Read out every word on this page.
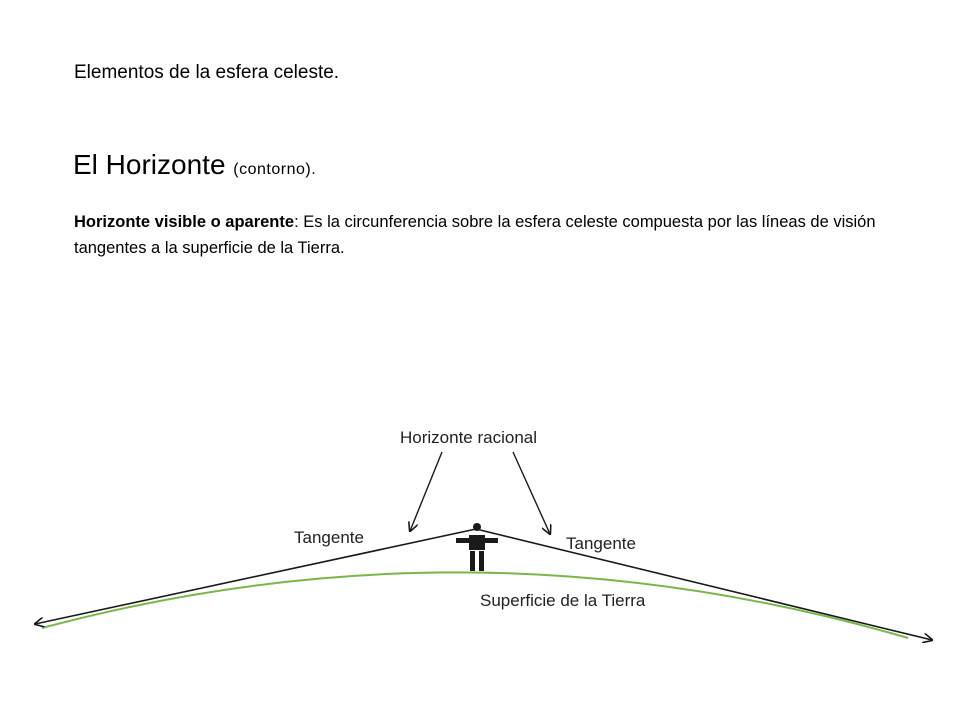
Elementos de la esfera celeste.

El Horizonte (contorno).

Horizonte visible o aparente: Es la circunferencia sobre la esfera celeste compuesta por las líneas de visión tangentes a la superficie de la Tierra.

Horizonte racional
Tangente	Tangente
Superficie de la Tierra
